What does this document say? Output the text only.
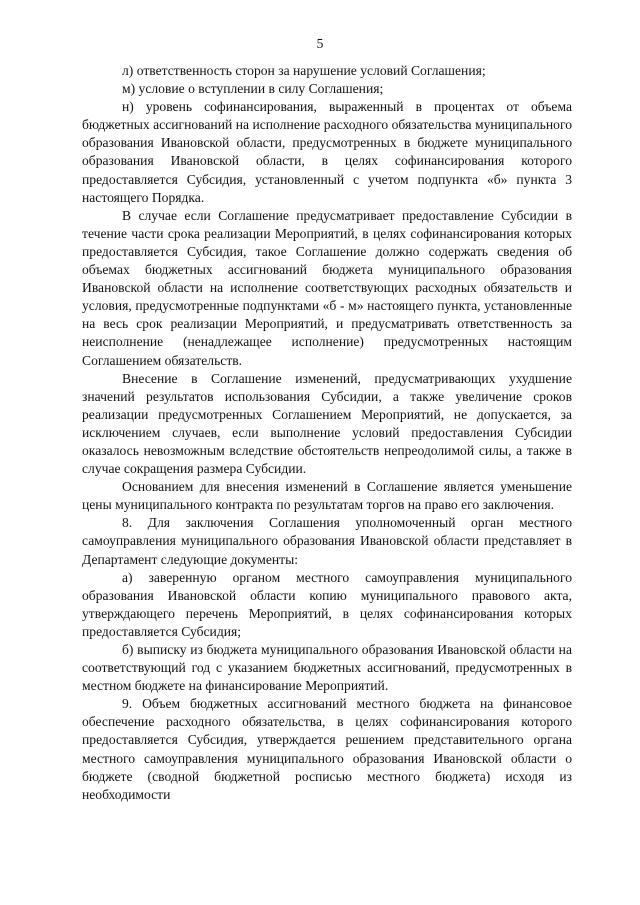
5

л) ответственность сторон за нарушение условий Соглашения;

м) условие о вступлении в силу Соглашения;

н) уровень софинансирования, выраженный в процентах от объема бюджетных ассигнований на исполнение расходного обязательства муниципального образования Ивановской области, предусмотренных в бюджете муниципального образования Ивановской области, в целях софинансирования которого предоставляется Субсидия, установленный с учетом подпункта «б» пункта 3 настоящего Порядка.

В случае если Соглашение предусматривает предоставление Субсидии в течение части срока реализации Мероприятий, в целях софинансирования которых предоставляется Субсидия, такое Соглашение должно содержать сведения об объемах бюджетных ассигнований бюджета муниципального образования Ивановской области на исполнение соответствующих расходных обязательств и условия, предусмотренные подпунктами «б - м» настоящего пункта, установленные на весь срок реализации Мероприятий, и предусматривать ответственность за неисполнение (ненадлежащее исполнение) предусмотренных настоящим Соглашением обязательств.

Внесение в Соглашение изменений, предусматривающих ухудшение значений результатов использования Субсидии, а также увеличение сроков реализации предусмотренных Соглашением Мероприятий, не допускается, за исключением случаев, если выполнение условий предоставления Субсидии оказалось невозможным вследствие обстоятельств непреодолимой силы, а также в случае сокращения размера Субсидии.

Основанием для внесения изменений в Соглашение является уменьшение цены муниципального контракта по результатам торгов на право его заключения.

8. Для заключения Соглашения уполномоченный орган местного самоуправления муниципального образования Ивановской области представляет в Департамент следующие документы:

а) заверенную органом местного самоуправления муниципального образования Ивановской области копию муниципального правового акта, утверждающего перечень Мероприятий, в целях софинансирования которых предоставляется Субсидия;

б) выписку из бюджета муниципального образования Ивановской области на соответствующий год с указанием бюджетных ассигнований, предусмотренных в местном бюджете на финансирование Мероприятий.

9. Объем бюджетных ассигнований местного бюджета на финансовое обеспечение расходного обязательства, в целях софинансирования которого предоставляется Субсидия, утверждается решением представительного органа местного самоуправления муниципального образования Ивановской области о бюджете (сводной бюджетной росписью местного бюджета) исходя из необходимости
